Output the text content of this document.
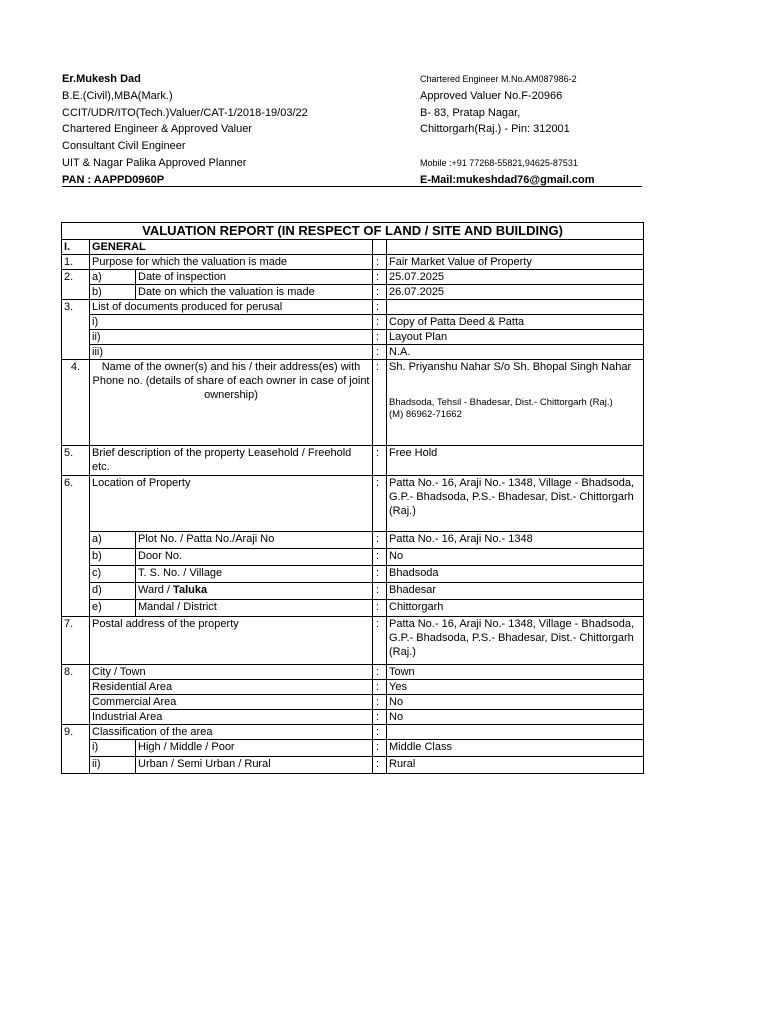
Er.Mukesh Dad
B.E.(Civil),MBA(Mark.)
CCIT/UDR/ITO(Tech.)Valuer/CAT-1/2018-19/03/22
Chartered Engineer & Approved Valuer
Consultant Civil Engineer
UIT & Nagar Palika Approved Planner
PAN : AAPPD0960P
Chartered Engineer M.No.AM087986-2
Approved Valuer No.F-20966
B- 83, Pratap Nagar,
Chittorgarh(Raj.) - Pin: 312001

Mobile :+91 77268-55821,94625-87531
E-Mail:mukeshdad76@gmail.com
VALUATION REPORT (IN RESPECT OF LAND / SITE AND BUILDING)				
I.	GENERAL			
1.	Purpose for which the valuation is made		:	Fair Market Value of Property
2.	a)	Date of inspection	:	25.07.2025
	b)	Date on which the valuation is made	:	26.07.2025
3.	List of documents produced for perusal		:	
	i)		:	Copy of Patta Deed & Patta
	ii)		:	Layout Plan
	iii)		:	N.A.
4.	Name of the owner(s) and his / their address(es) with Phone no. (details of share of each owner in case of joint ownership)		:	Sh. Priyanshu Nahar S/o Sh. Bhopal Singh Nahar
Bhadsoda, Tehsil - Bhadesar, Dist.- Chittorgarh (Raj.)
(M) 86962-71662

5.	Brief description of the property Leasehold / Freehold etc.		:	Free Hold
6.	Location of Property		:	Patta No.- 16, Araji No.- 1348, Village - Bhadsoda, G.P.- Bhadsoda, P.S.- Bhadesar, Dist.- Chittorgarh (Raj.)
	a)	Plot No. / Patta No./Araji No	:	Patta No.- 16, Araji No.- 1348
	b)	Door No.	:	No
	c)	T. S. No. / Village	:	Bhadsoda
	d)	Ward / Taluka	:	Bhadesar
	e)	Mandal / District	:	Chittorgarh
7.	Postal address of the property		:	Patta No.- 16, Araji No.- 1348, Village - Bhadsoda, G.P.- Bhadsoda, P.S.- Bhadesar, Dist.- Chittorgarh (Raj.)
8.	City / Town		:	Town
	Residential Area		:	Yes
	Commercial Area		:	No
	Industrial Area		:	No
9.	Classification of the area		:	
	i)	High / Middle / Poor	:	Middle Class
	ii)	Urban / Semi Urban / Rural	:	Rural
